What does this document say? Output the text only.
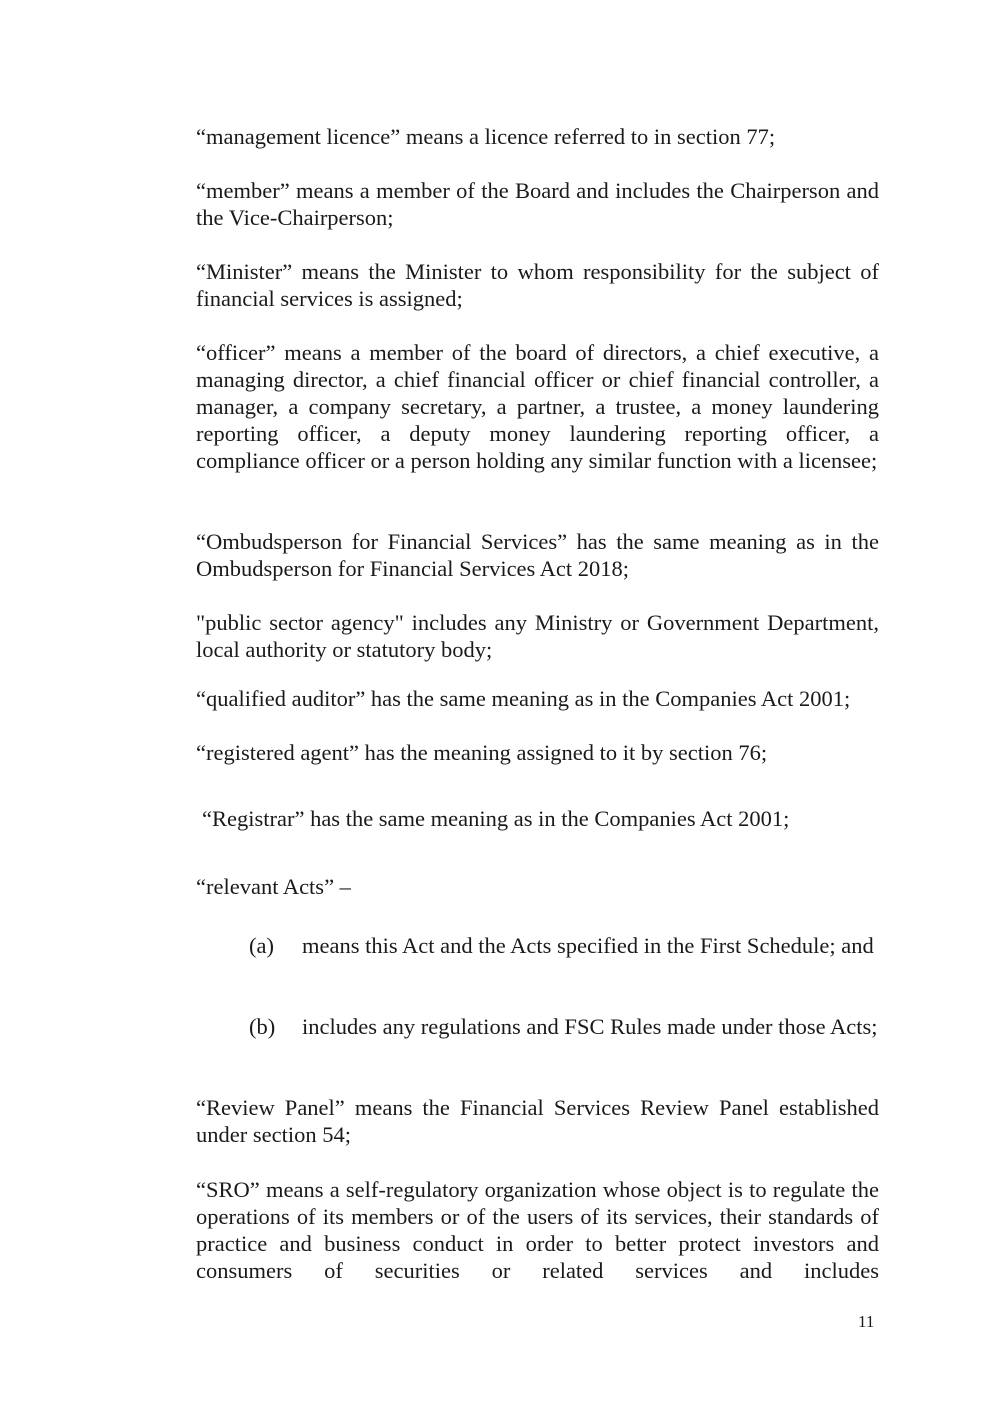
“management licence” means a licence referred to in section 77;

“member” means a member of the Board and includes the Chairperson and the Vice-Chairperson;

“Minister” means the Minister to whom responsibility for the subject of financial services is assigned;

“officer” means a member of the board of directors, a chief executive, a managing director, a chief financial officer or chief financial controller, a manager, a company secretary, a partner, a trustee, a money laundering reporting officer, a deputy money laundering reporting officer, a compliance officer or a person holding any similar function with a licensee;

“Ombudsperson for Financial Services” has the same meaning as in the Ombudsperson for Financial Services Act 2018;

"public sector agency" includes any Ministry or Government Department, local authority or statutory body;

“qualified auditor” has the same meaning as in the Companies Act 2001;

“registered agent” has the meaning assigned to it by section 76;

“Registrar” has the same meaning as in the Companies Act 2001;

“relevant Acts” –

(a) means this Act and the Acts specified in the First Schedule; and

(b) includes any regulations and FSC Rules made under those Acts;

“Review Panel” means the Financial Services Review Panel established under section 54;

“SRO” means a self-regulatory organization whose object is to regulate the operations of its members or of the users of its services, their standards of practice and business conduct in order to better protect investors and consumers of securities or related services and includes

11
